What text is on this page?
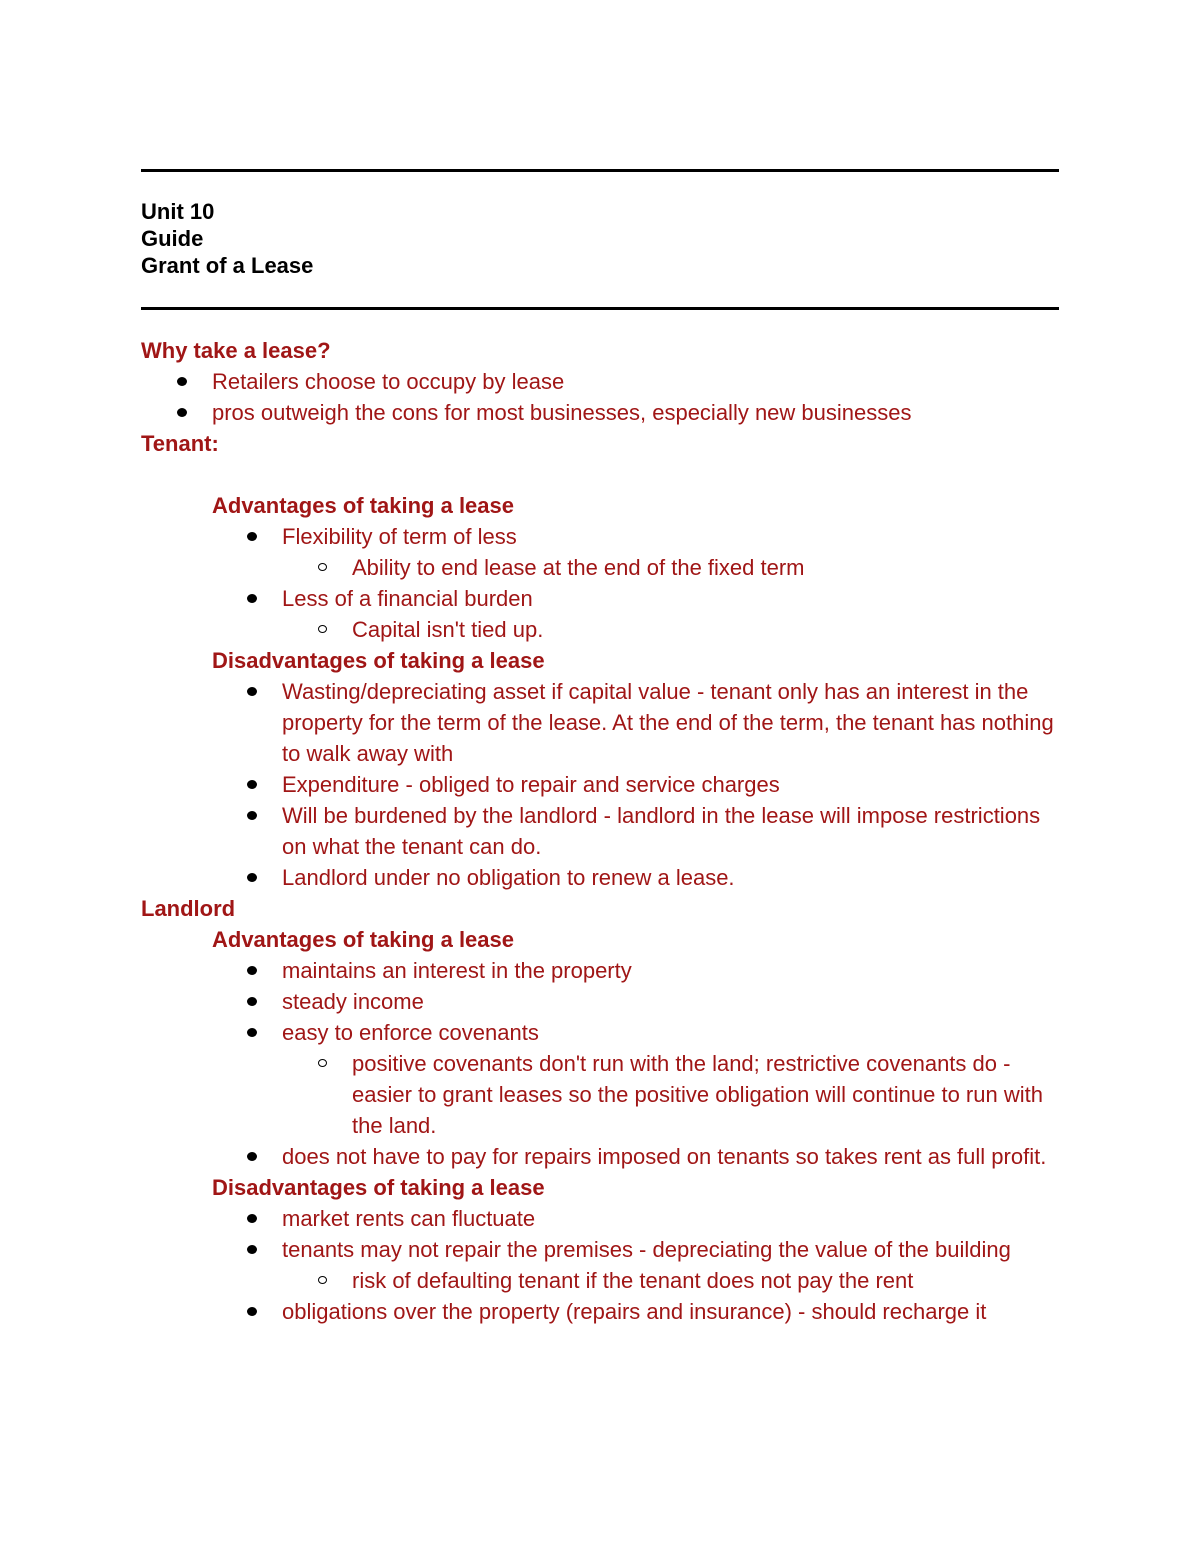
Unit 10
Guide
Grant of a Lease
Why take a lease?
Retailers choose to occupy by lease
pros outweigh the cons for most businesses, especially new businesses
Tenant:
Advantages of taking a lease
Flexibility of term of less
Ability to end lease at the end of the fixed term
Less of a financial burden
Capital isn't tied up.
Disadvantages of taking a lease
Wasting/depreciating asset if capital value - tenant only has an interest in the property for the term of the lease. At the end of the term, the tenant has nothing to walk away with
Expenditure - obliged to repair and service charges
Will be burdened by the landlord - landlord in the lease will impose restrictions on what the tenant can do.
Landlord under no obligation to renew a lease.
Landlord
Advantages of taking a lease
maintains an interest in the property
steady income
easy to enforce covenants
positive covenants don't run with the land; restrictive covenants do - easier to grant leases so the positive obligation will continue to run with the land.
does not have to pay for repairs imposed on tenants so takes rent as full profit.
Disadvantages of taking a lease
market rents can fluctuate
tenants may not repair the premises - depreciating the value of the building
risk of defaulting tenant if the tenant does not pay the rent
obligations over the property (repairs and insurance) - should recharge it
